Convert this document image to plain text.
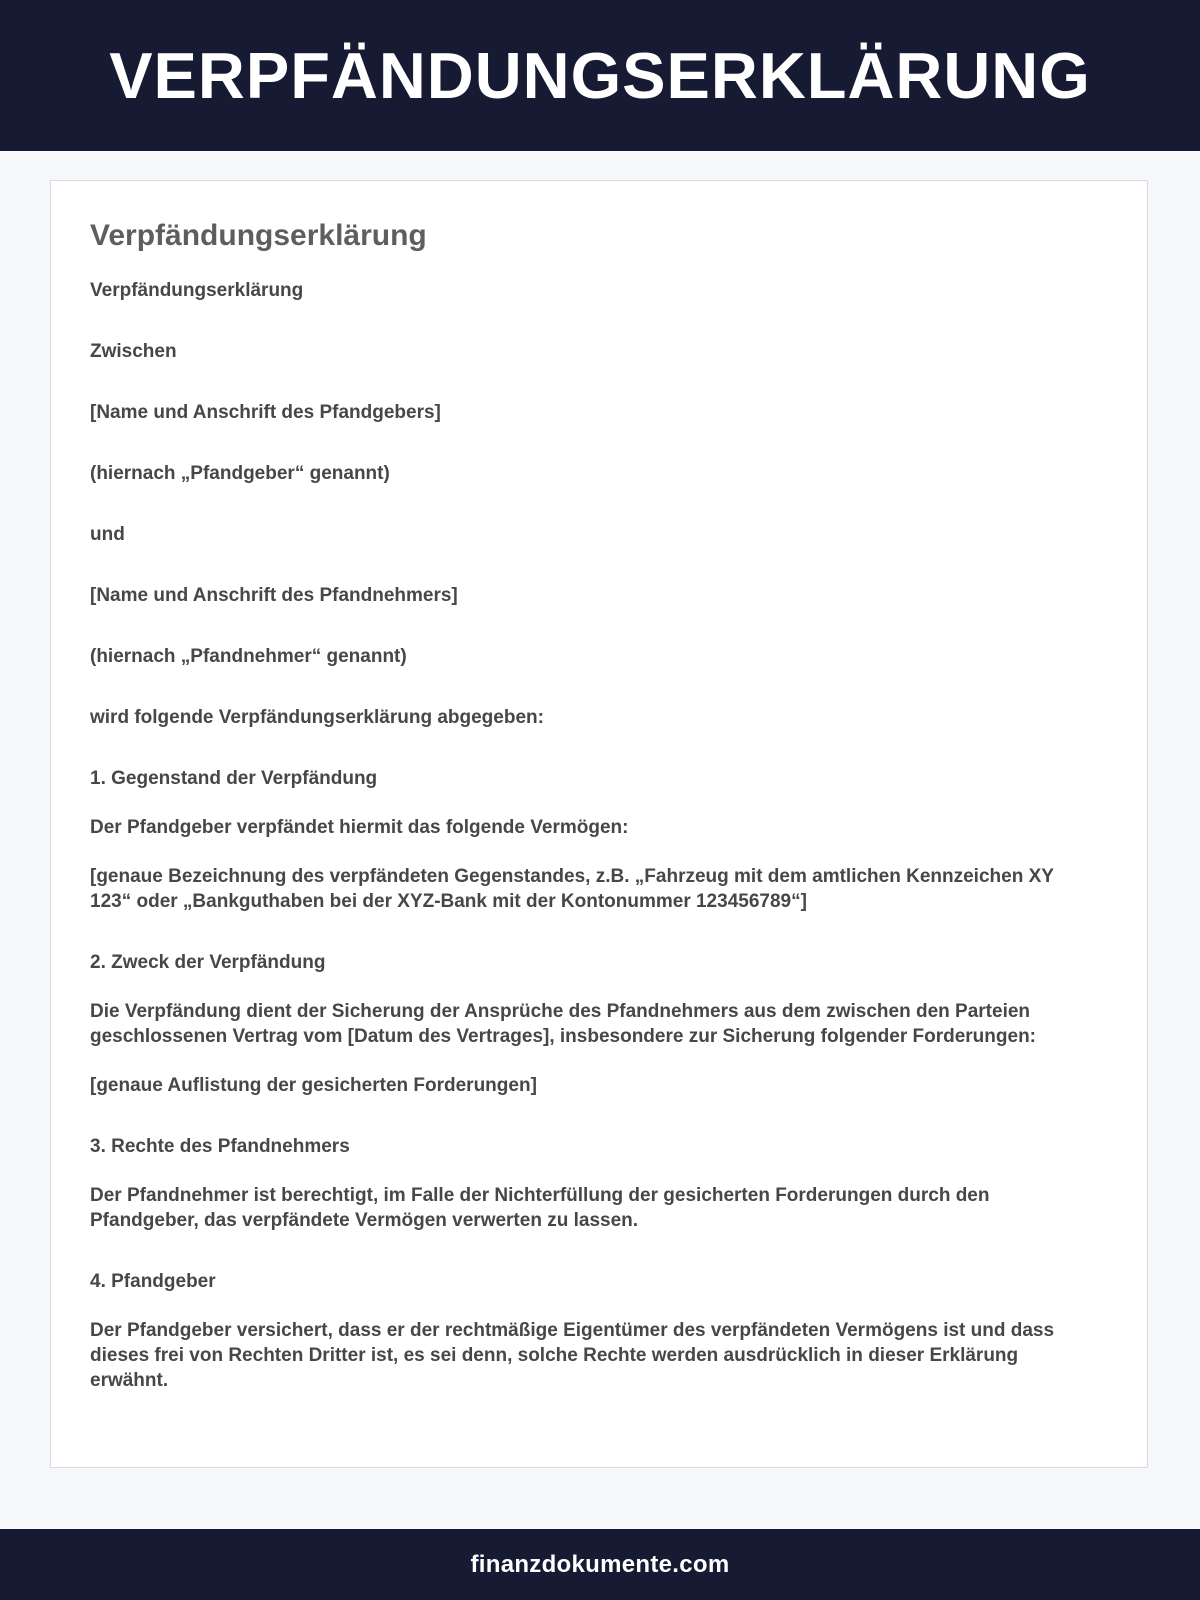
VERPFÄNDUNGSERKLÄRUNG
Verpfändungserklärung

Verpfändungserklärung

Zwischen

[Name und Anschrift des Pfandgebers]

(hiernach „Pfandgeber“ genannt)

und

[Name und Anschrift des Pfandnehmers]

(hiernach „Pfandnehmer“ genannt)

wird folgende Verpfändungserklärung abgegeben:

1. Gegenstand der Verpfändung

Der Pfandgeber verpfändet hiermit das folgende Vermögen:

[genaue Bezeichnung des verpfändeten Gegenstandes, z.B. „Fahrzeug mit dem amtlichen Kennzeichen XY 123“ oder „Bankguthaben bei der XYZ-Bank mit der Kontonummer 123456789“]

2. Zweck der Verpfändung

Die Verpfändung dient der Sicherung der Ansprüche des Pfandnehmers aus dem zwischen den Parteien geschlossenen Vertrag vom [Datum des Vertrages], insbesondere zur Sicherung folgender Forderungen:

[genaue Auflistung der gesicherten Forderungen]

3. Rechte des Pfandnehmers

Der Pfandnehmer ist berechtigt, im Falle der Nichterfüllung der gesicherten Forderungen durch den Pfandgeber, das verpfändete Vermögen verwerten zu lassen.

4. Pfandgeber

Der Pfandgeber versichert, dass er der rechtmäßige Eigentümer des verpfändeten Vermögens ist und dass dieses frei von Rechten Dritter ist, es sei denn, solche Rechte werden ausdrücklich in dieser Erklärung erwähnt.

finanzdokumente.com
